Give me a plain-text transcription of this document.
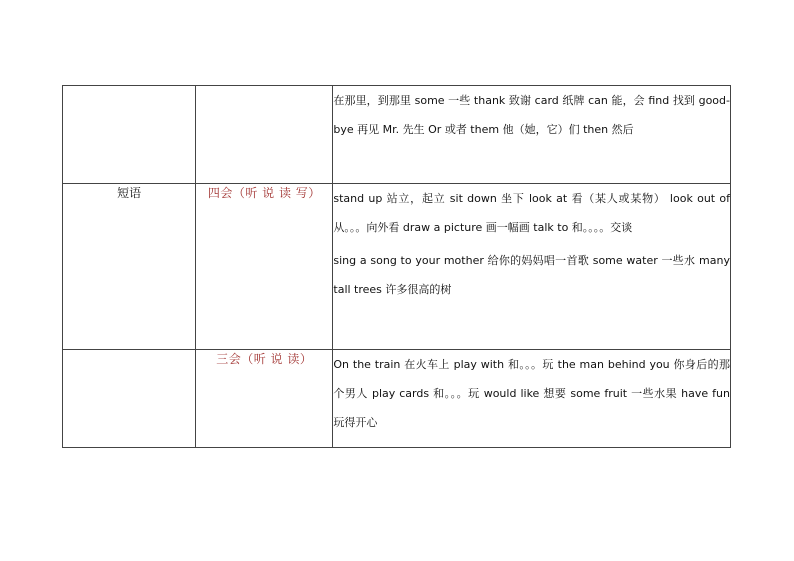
		在那里，到那里 some 一些 thank 致谢 card 纸牌 can 能，会 find 找到 good-bye 再见 Mr. 先生 Or 或者 them 他（她，它）们 then 然后

短语	四会（听 说 读 写）	stand up 站立，起立 sit down 坐下 look at 看（某人或某物） look out of 从。。。向外看 draw a picture 画一幅画 talk to 和。。。。交谈
sing a song to your mother 给你的妈妈唱一首歌 some water 一些水 many tall trees 许多很高的树

	三会（听 说 读）	On the train 在火车上 play with 和。。。玩 the man behind you 你身后的那个男人 play cards 和。。。玩 would like 想要 some fruit 一些水果 have fun 玩得开心
